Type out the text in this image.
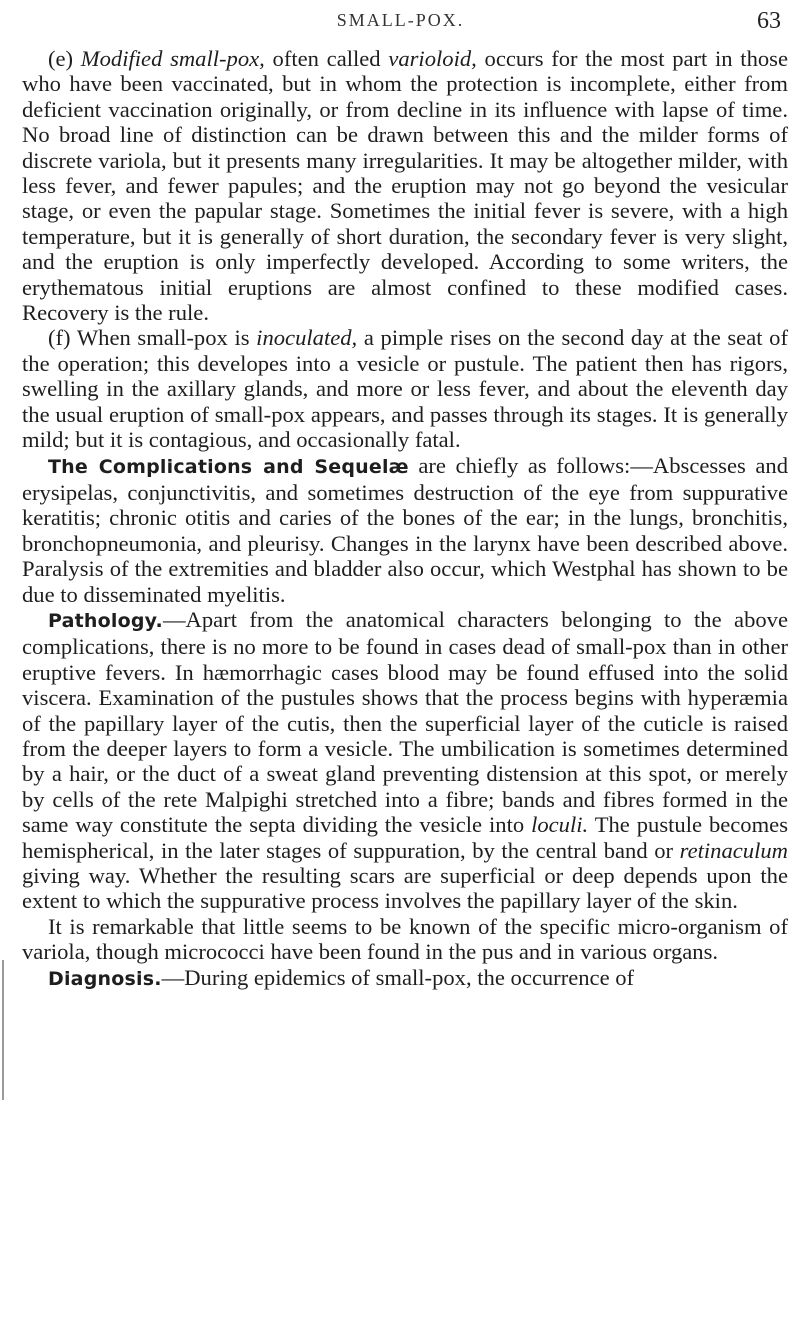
SMALL-POX.	63

(e) Modified small-pox, often called varioloid, occurs for the most part in those who have been vaccinated, but in whom the protection is incomplete, either from deficient vaccination originally, or from decline in its influence with lapse of time. No broad line of distinction can be drawn between this and the milder forms of discrete variola, but it presents many irregularities. It may be altogether milder, with less fever, and fewer papules; and the eruption may not go beyond the vesicular stage, or even the papular stage. Sometimes the initial fever is severe, with a high temperature, but it is generally of short duration, the secondary fever is very slight, and the eruption is only imperfectly developed. According to some writers, the erythematous initial eruptions are almost confined to these modified cases. Recovery is the rule.

(f) When small-pox is inoculated, a pimple rises on the second day at the seat of the operation; this developes into a vesicle or pustule. The patient then has rigors, swelling in the axillary glands, and more or less fever, and about the eleventh day the usual eruption of small-pox appears, and passes through its stages. It is generally mild; but it is contagious, and occasionally fatal.

The Complications and Sequelæ are chiefly as follows:—Abscesses and erysipelas, conjunctivitis, and sometimes destruction of the eye from suppurative keratitis; chronic otitis and caries of the bones of the ear; in the lungs, bronchitis, bronchopneumonia, and pleurisy. Changes in the larynx have been described above. Paralysis of the extremities and bladder also occur, which Westphal has shown to be due to disseminated myelitis.

Pathology.—Apart from the anatomical characters belonging to the above complications, there is no more to be found in cases dead of small-pox than in other eruptive fevers. In hæmorrhagic cases blood may be found effused into the solid viscera. Examination of the pustules shows that the process begins with hyperæmia of the papillary layer of the cutis, then the superficial layer of the cuticle is raised from the deeper layers to form a vesicle. The umbilication is sometimes determined by a hair, or the duct of a sweat gland preventing distension at this spot, or merely by cells of the rete Malpighi stretched into a fibre; bands and fibres formed in the same way constitute the septa dividing the vesicle into loculi. The pustule becomes hemispherical, in the later stages of suppuration, by the central band or retinaculum giving way. Whether the resulting scars are superficial or deep depends upon the extent to which the suppurative process involves the papillary layer of the skin.

It is remarkable that little seems to be known of the specific micro-organism of variola, though micrococci have been found in the pus and in various organs.

Diagnosis.—During epidemics of small-pox, the occurrence of
